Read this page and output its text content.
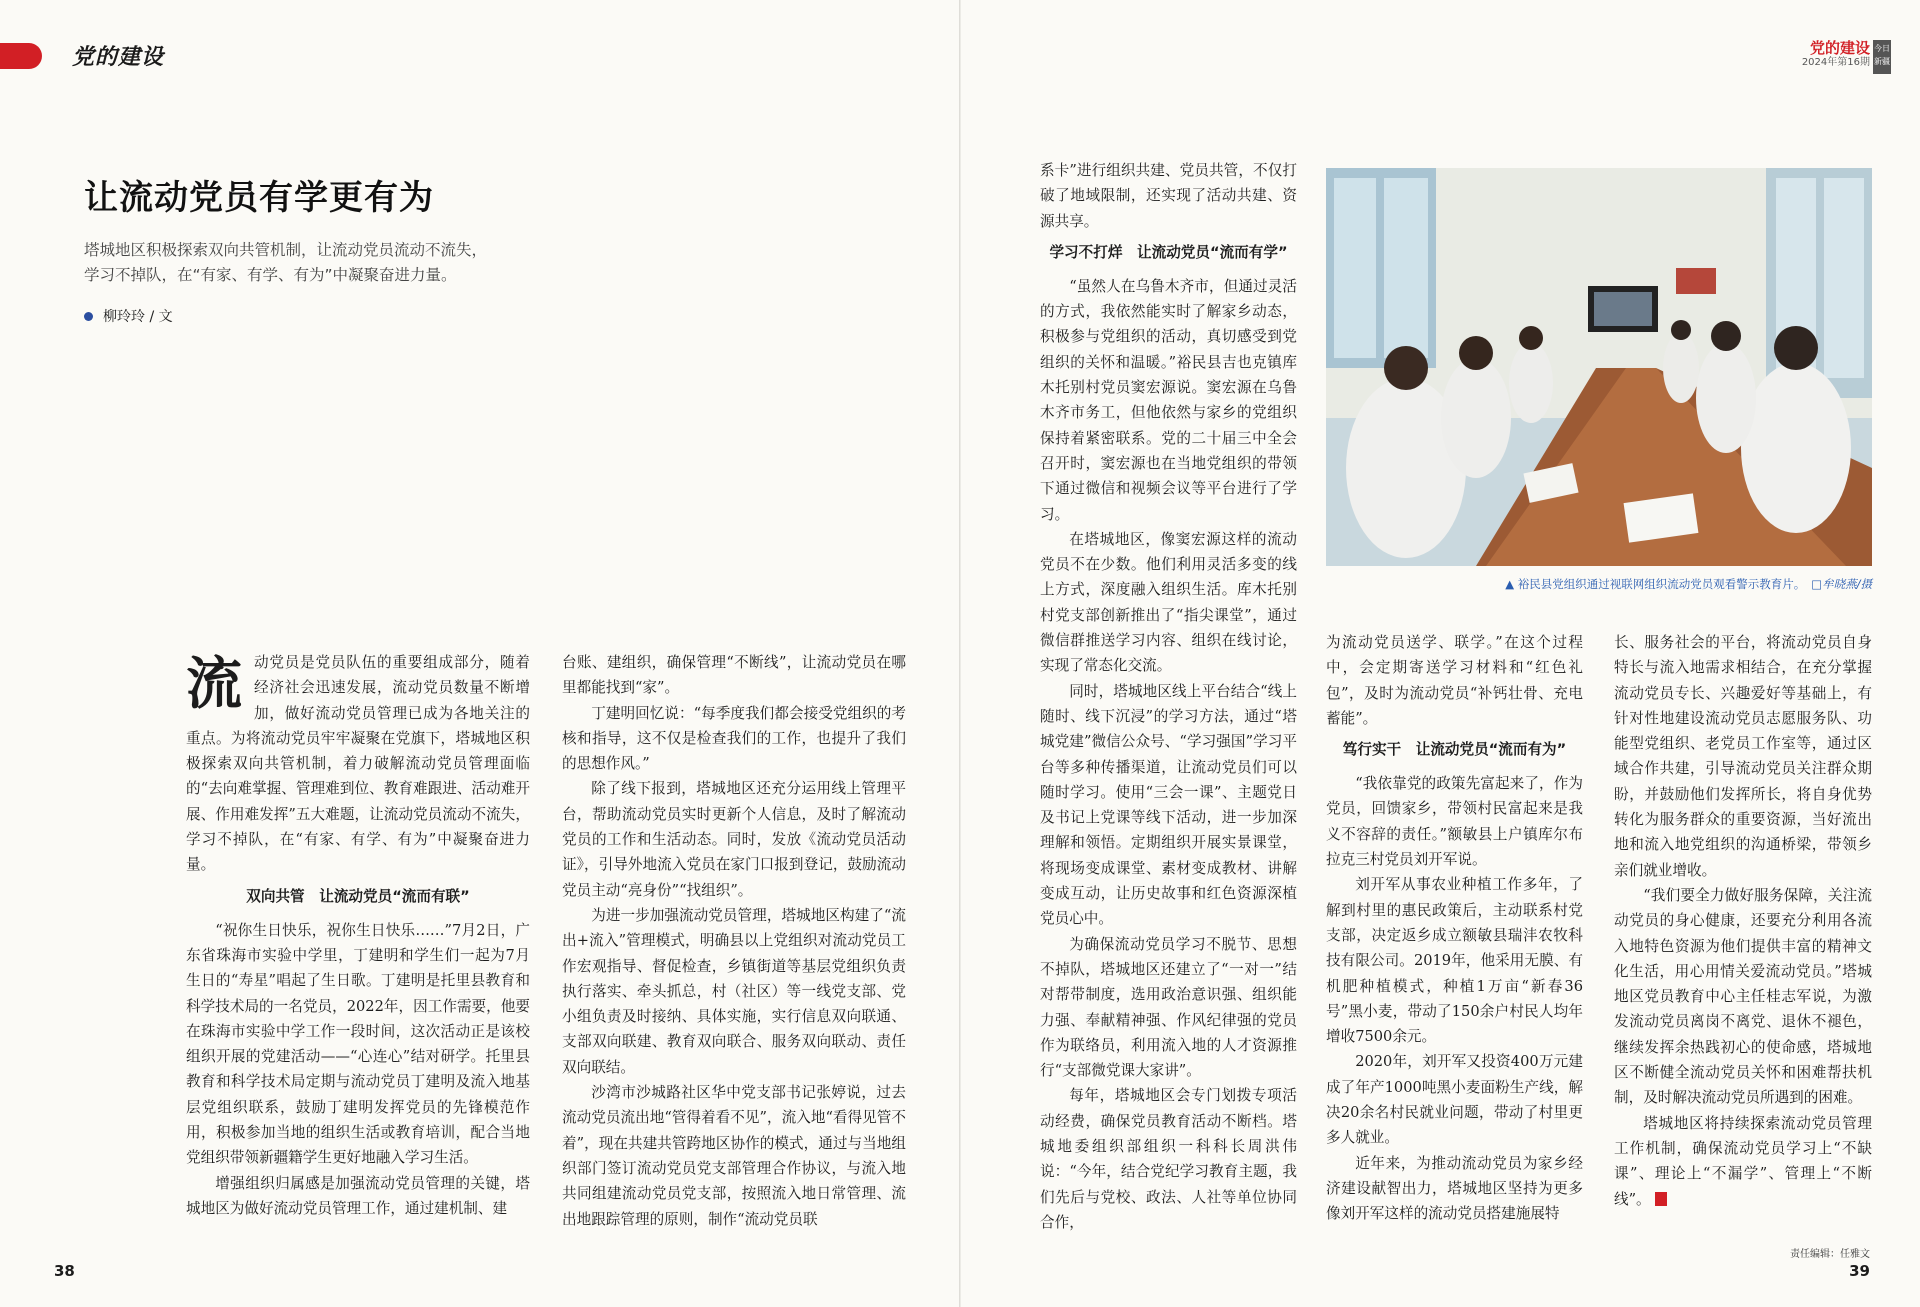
党的建设
让流动党员有学更有为
塔城地区积极探索双向共管机制，让流动党员流动不流失，
学习不掉队，在“有家、有学、有为”中凝聚奋进力量。
柳玲玲 / 文
流 动党员是党员队伍的重要组成部分，随着经济社会迅速发展，流动党员数量不断增加，做好流动党员管理已成为各地关注的重点。为将流动党员牢牢凝聚在党旗下，塔城地区积极探索双向共管机制，着力破解流动党员管理面临的“去向难掌握、管理难到位、教育难跟进、活动难开展、作用难发挥”五大难题，让流动党员流动不流失，学习不掉队，在“有家、有学、有为”中凝聚奋进力量。

双向共管　让流动党员“流而有联”

“祝你生日快乐，祝你生日快乐……”7月2日，广东省珠海市实验中学里，丁建明和学生们一起为7月生日的“寿星”唱起了生日歌。丁建明是托里县教育和科学技术局的一名党员，2022年，因工作需要，他要在珠海市实验中学工作一段时间，这次活动正是该校组织开展的党建活动——“心连心”结对研学。托里县教育和科学技术局定期与流动党员丁建明及流入地基层党组织联系，鼓励丁建明发挥党员的先锋模范作用，积极参加当地的组织生活或教育培训，配合当地党组织带领新疆籍学生更好地融入学习生活。

增强组织归属感是加强流动党员管理的关键，塔城地区为做好流动党员管理工作，通过建机制、建

台账、建组织，确保管理“不断线”，让流动党员在哪里都能找到“家”。

丁建明回忆说：“每季度我们都会接受党组织的考核和指导，这不仅是检查我们的工作，也提升了我们的思想作风。”

除了线下报到，塔城地区还充分运用线上管理平台，帮助流动党员实时更新个人信息，及时了解流动党员的工作和生活动态。同时，发放《流动党员活动证》，引导外地流入党员在家门口报到登记，鼓励流动党员主动“亮身份”“找组织”。

为进一步加强流动党员管理，塔城地区构建了“流出+流入”管理模式，明确县以上党组织对流动党员工作宏观指导、督促检查，乡镇街道等基层党组织负责执行落实、牵头抓总，村（社区）等一线党支部、党小组负责及时接纳、具体实施，实行信息双向联通、支部双向联建、教育双向联合、服务双向联动、责任双向联结。

沙湾市沙城路社区华中党支部书记张婷说，过去流动党员流出地“管得着看不见”，流入地“看得见管不着”，现在共建共管跨地区协作的模式，通过与当地组织部门签订流动党员党支部管理合作协议，与流入地共同组建流动党员党支部，按照流入地日常管理、流出地跟踪管理的原则，制作“流动党员联

38
党的建设
2024年第16期
今日
新疆

系卡”进行组织共建、党员共管，不仅打破了地域限制，还实现了活动共建、资源共享。

学习不打烊　让流动党员“流而有学”

“虽然人在乌鲁木齐市，但通过灵活的方式，我依然能实时了解家乡动态，积极参与党组织的活动，真切感受到党组织的关怀和温暖。”裕民县吉也克镇库木托别村党员窦宏源说。窦宏源在乌鲁木齐市务工，但他依然与家乡的党组织保持着紧密联系。党的二十届三中全会召开时，窦宏源也在当地党组织的带领下通过微信和视频会议等平台进行了学习。

在塔城地区，像窦宏源这样的流动党员不在少数。他们利用灵活多变的线上方式，深度融入组织生活。库木托别村党支部创新推出了“指尖课堂”，通过微信群推送学习内容、组织在线讨论，实现了常态化交流。

同时，塔城地区线上平台结合“线上随时、线下沉浸”的学习方法，通过“塔城党建”微信公众号、“学习强国”学习平台等多种传播渠道，让流动党员们可以随时学习。使用“三会一课”、主题党日及书记上党课等线下活动，进一步加深理解和领悟。定期组织开展实景课堂，将现场变成课堂、素材变成教材、讲解变成互动，让历史故事和红色资源深植党员心中。

为确保流动党员学习不脱节、思想不掉队，塔城地区还建立了“一对一”结对帮带制度，选用政治意识强、组织能力强、奉献精神强、作风纪律强的党员作为联络员，利用流入地的人才资源推行“支部微党课大家讲”。

每年，塔城地区会专门划拨专项活动经费，确保党员教育活动不断档。塔城地委组织部组织一科科长周洪伟说：“今年，结合党纪学习教育主题，我们先后与党校、政法、人社等单位协同合作，

▲ 裕民县党组织通过视联网组织流动党员观看警示教育片。 □牟晓燕/摄

为流动党员送学、联学。”在这个过程中，会定期寄送学习材料和“红色礼包”，及时为流动党员“补钙壮骨、充电蓄能”。

笃行实干　让流动党员“流而有为”

“我依靠党的政策先富起来了，作为党员，回馈家乡，带领村民富起来是我义不容辞的责任。”额敏县上户镇库尔布拉克三村党员刘开军说。

刘开军从事农业种植工作多年，了解到村里的惠民政策后，主动联系村党支部，决定返乡成立额敏县瑞沣农牧科技有限公司。2019年，他采用无膜、有机肥种植模式，种植1万亩“新春36号”黑小麦，带动了150余户村民人均年增收7500余元。

2020年，刘开军又投资400万元建成了年产1000吨黑小麦面粉生产线，解决20余名村民就业问题，带动了村里更多人就业。

近年来，为推动流动党员为家乡经济建设献智出力，塔城地区坚持为更多像刘开军这样的流动党员搭建施展特

长、服务社会的平台，将流动党员自身特长与流入地需求相结合，在充分掌握流动党员专长、兴趣爱好等基础上，有针对性地建设流动党员志愿服务队、功能型党组织、老党员工作室等，通过区域合作共建，引导流动党员关注群众期盼，并鼓励他们发挥所长，将自身优势转化为服务群众的重要资源，当好流出地和流入地党组织的沟通桥梁，带领乡亲们就业增收。

“我们要全力做好服务保障，关注流动党员的身心健康，还要充分利用各流入地特色资源为他们提供丰富的精神文化生活，用心用情关爱流动党员。”塔城地区党员教育中心主任桂志军说，为激发流动党员离岗不离党、退休不褪色，继续发挥余热践初心的使命感，塔城地区不断健全流动党员关怀和困难帮扶机制，及时解决流动党员所遇到的困难。

塔城地区将持续探索流动党员管理工作机制，确保流动党员学习上“不缺课”、理论上“不漏学”、管理上“不断线”。

责任编辑：任雅文
39
